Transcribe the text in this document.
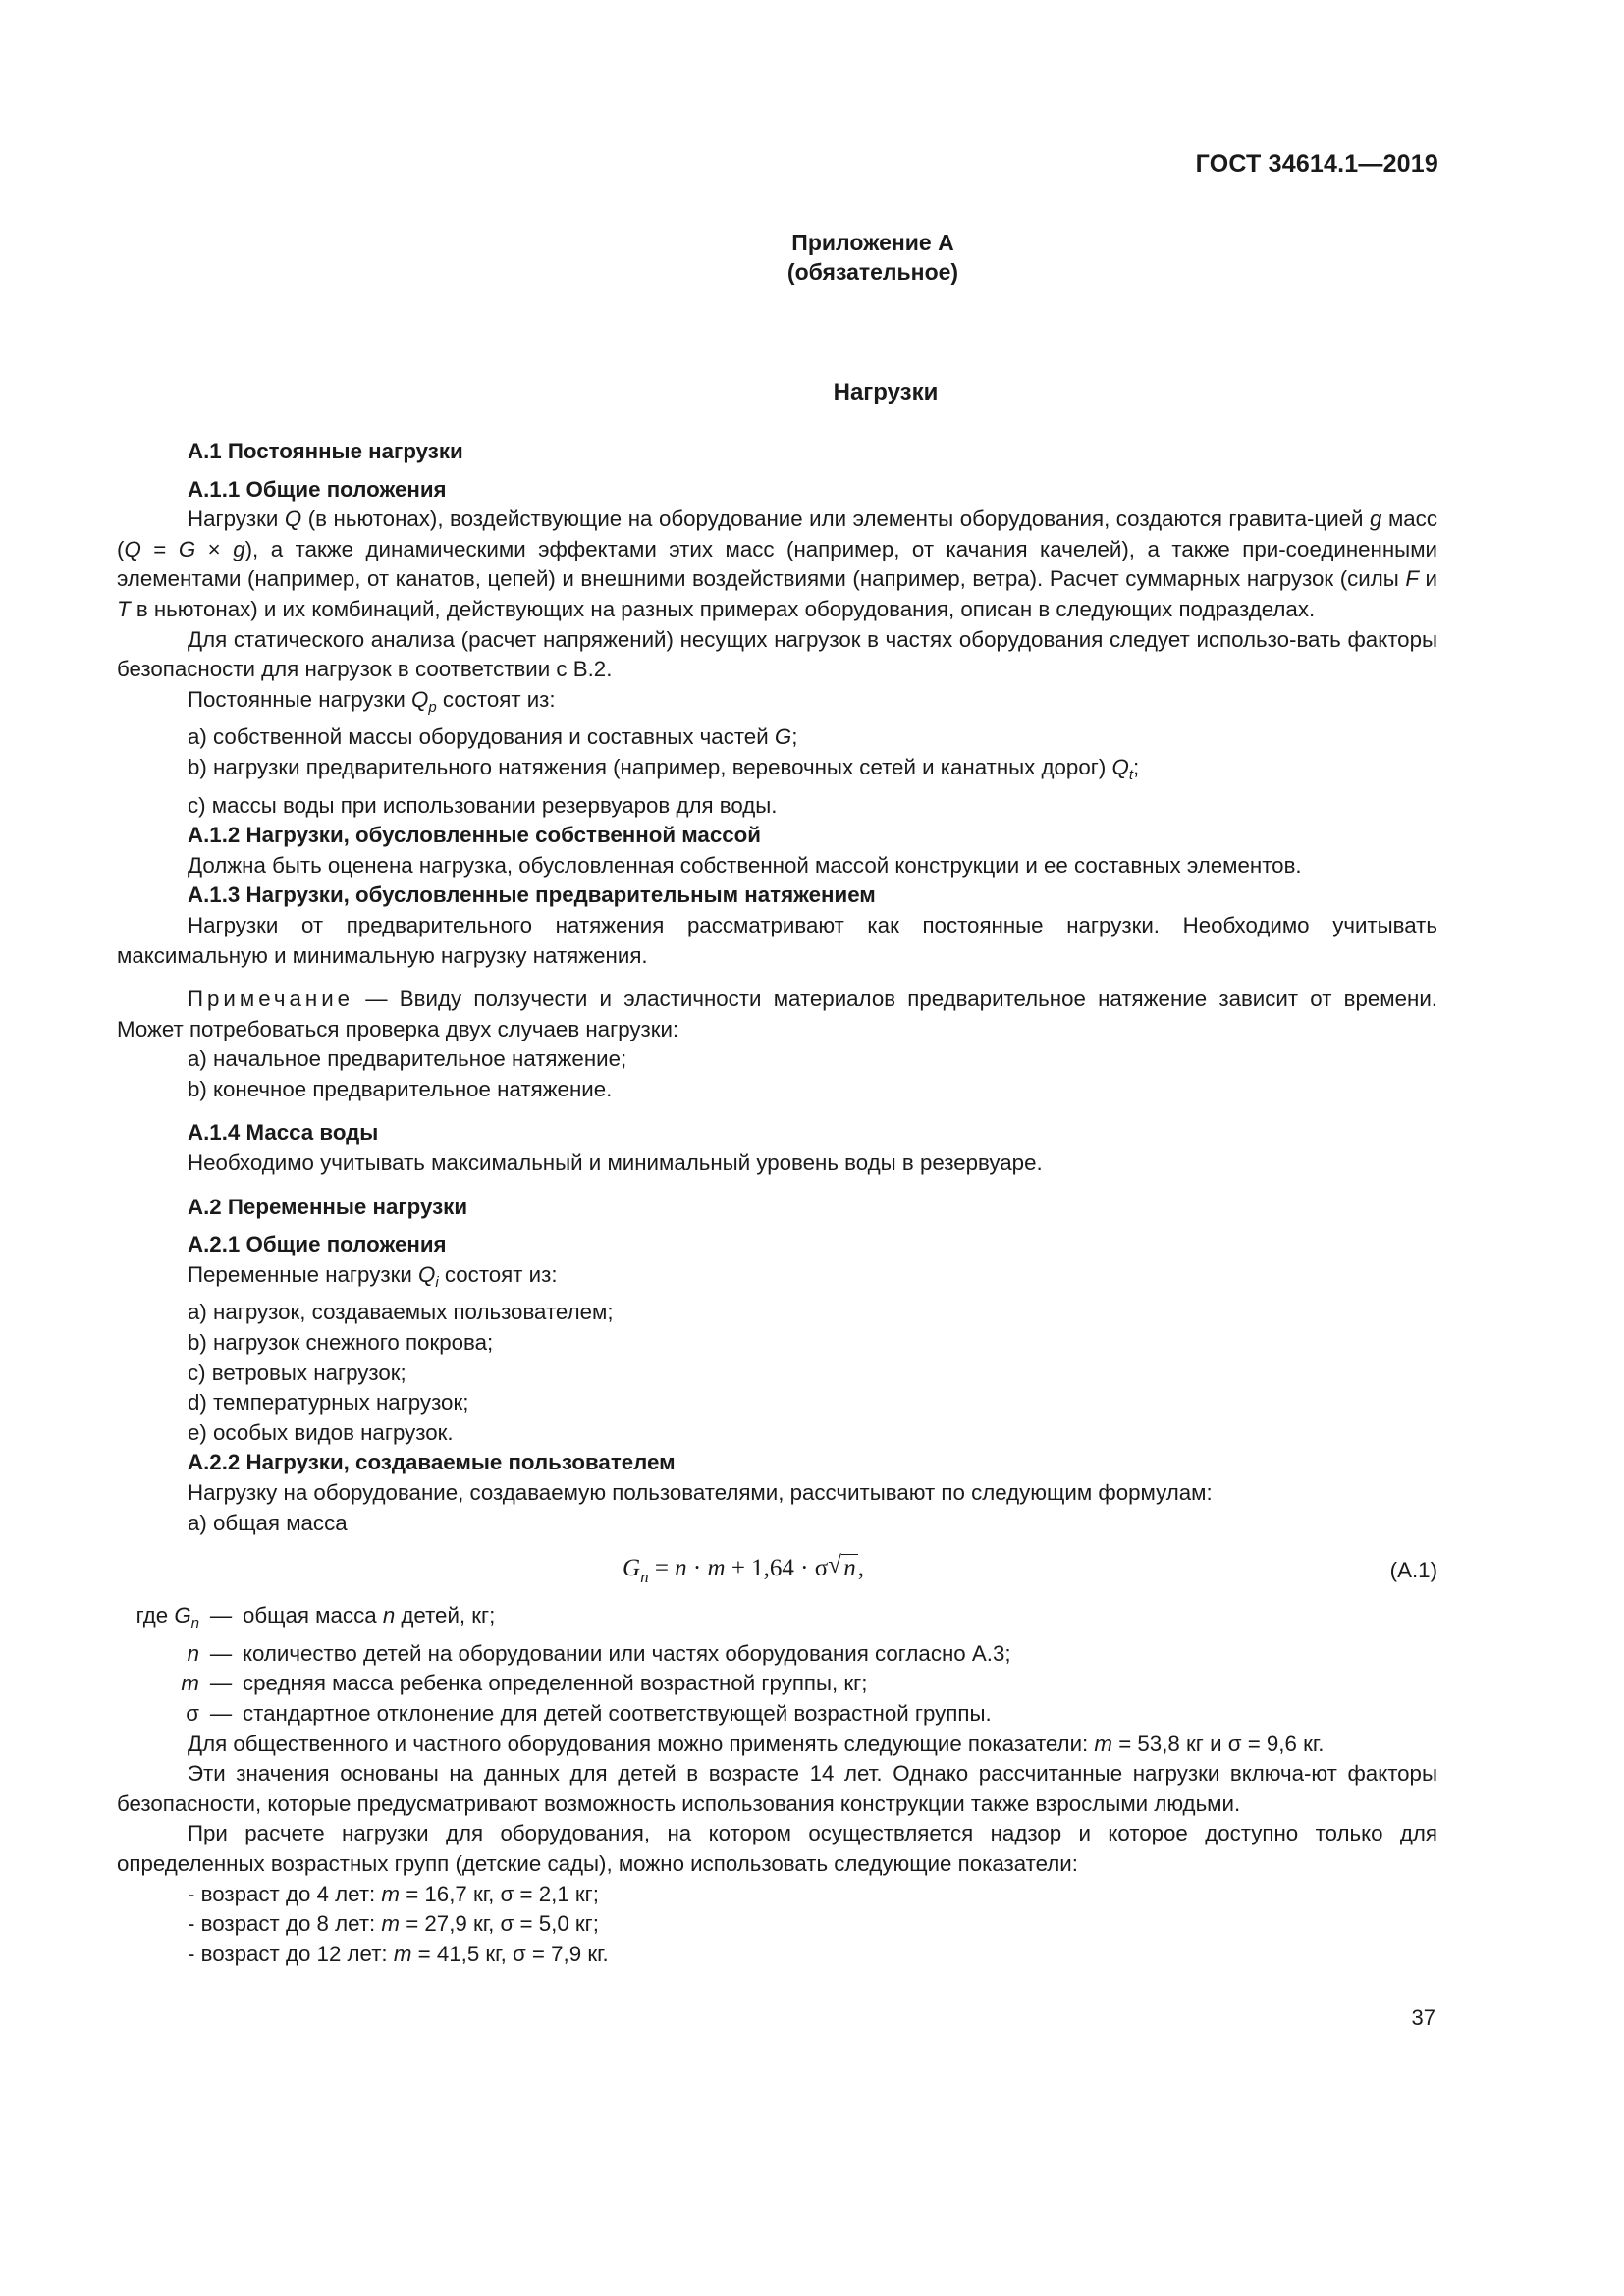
ГОСТ 34614.1—2019
Приложение А
(обязательное)
Нагрузки

А.1 Постоянные нагрузки

А.1.1 Общие положения

Нагрузки Q (в ньютонах), воздействующие на оборудование или элементы оборудования, создаются гравита-цией g масс (Q = G × g), а также динамическими эффектами этих масс (например, от качания качелей), а также при-соединенными элементами (например, от канатов, цепей) и внешними воздействиями (например, ветра). Расчет суммарных нагрузок (силы F и T в ньютонах) и их комбинаций, действующих на разных примерах оборудования, описан в следующих подразделах.

Для статического анализа (расчет напряжений) несущих нагрузок в частях оборудования следует использо-вать факторы безопасности для нагрузок в соответствии с В.2.

Постоянные нагрузки $Q_p$ состоят из:

a) собственной массы оборудования и составных частей G;

b) нагрузки предварительного натяжения (например, веревочных сетей и канатных дорог) $Q_t$;

c) массы воды при использовании резервуаров для воды.

А.1.2 Нагрузки, обусловленные собственной массой

Должна быть оценена нагрузка, обусловленная собственной массой конструкции и ее составных элементов.

А.1.3 Нагрузки, обусловленные предварительным натяжением

Нагрузки от предварительного натяжения рассматривают как постоянные нагрузки. Необходимо учитывать максимальную и минимальную нагрузку натяжения.

Примечание — Ввиду ползучести и эластичности материалов предварительное натяжение зависит от времени. Может потребоваться проверка двух случаев нагрузки:

a) начальное предварительное натяжение;

b) конечное предварительное натяжение.

А.1.4 Масса воды

Необходимо учитывать максимальный и минимальный уровень воды в резервуаре.

А.2 Переменные нагрузки

А.2.1 Общие положения

Переменные нагрузки $Q_i$ состоят из:

a) нагрузок, создаваемых пользователем;

b) нагрузок снежного покрова;

c) ветровых нагрузок;

d) температурных нагрузок;

e) особых видов нагрузок.

А.2.2 Нагрузки, создаваемые пользователем

Нагрузку на оборудование, создаваемую пользователями, рассчитывают по следующим формулам:

a) общая масса

$G_n = n \cdot m + 1,64 \cdot \sigma$ √ n,	(А.1)
где $G_n$	—	общая масса n детей, кг;
n	—	количество детей на оборудовании или частях оборудования согласно А.3;
m	—	средняя масса ребенка определенной возрастной группы, кг;
σ	—	стандартное отклонение для детей соответствующей возрастной группы.

Для общественного и частного оборудования можно применять следующие показатели: m = 53,8 кг и σ = 9,6 кг.

Эти значения основаны на данных для детей в возрасте 14 лет. Однако рассчитанные нагрузки включа-ют факторы безопасности, которые предусматривают возможность использования конструкции также взрослыми людьми.

При расчете нагрузки для оборудования, на котором осуществляется надзор и которое доступно только для определенных возрастных групп (детские сады), можно использовать следующие показатели:

- возраст до 4 лет: m = 16,7 кг, σ = 2,1 кг;

- возраст до 8 лет: m = 27,9 кг, σ = 5,0 кг;

- возраст до 12 лет: m = 41,5 кг, σ = 7,9 кг.

37
